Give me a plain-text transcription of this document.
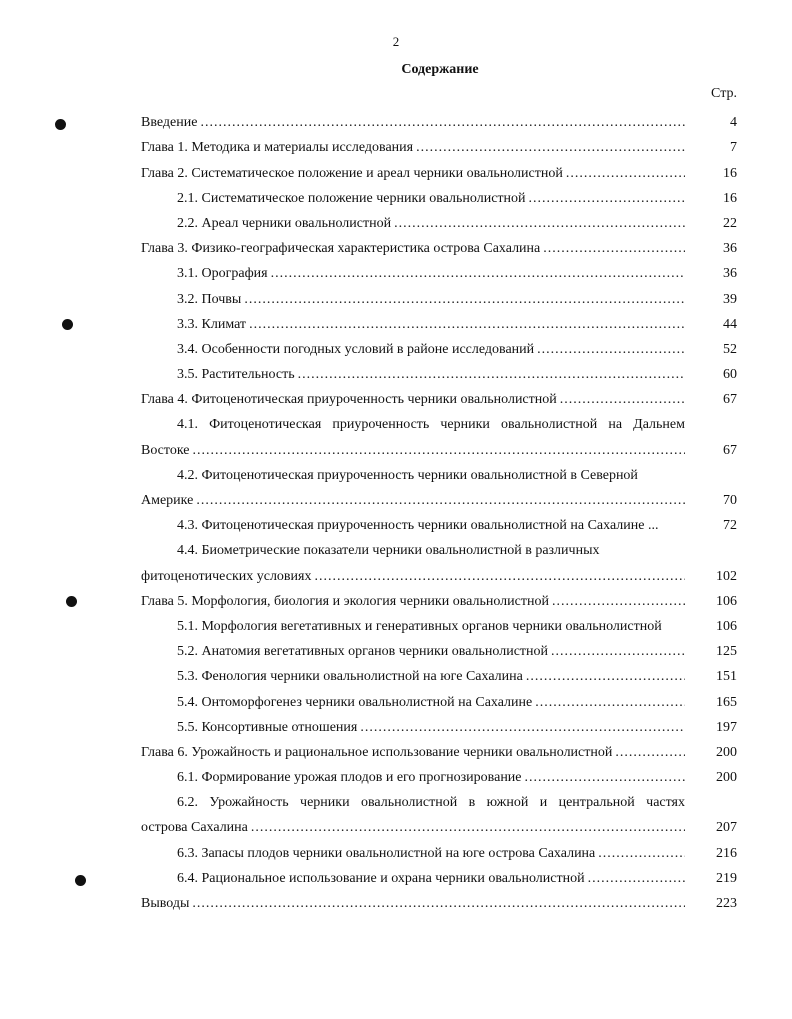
2
Содержание
Стр.
Введение .....	4
Глава 1. Методика и материалы исследования .....	7
Глава 2. Систематическое положение и ареал черники овальнолистной .....	16
2.1. Систематическое положение черники овальнолистной .....	16
2.2. Ареал черники овальнолистной .....	22
Глава 3. Физико-географическая характеристика острова Сахалина .....	36
3.1. Орография .....	36
3.2. Почвы .....	39
3.3. Климат .....	44
3.4. Особенности погодных условий в районе исследований .....	52
3.5. Растительность .....	60
Глава 4. Фитоценотическая приуроченность черники овальнолистной .....	67
4.1. Фитоценотическая приуроченность черники овальнолистной на Дальнем
Востоке .....	67
4.2. Фитоценотическая приуроченность черники овальнолистной в Северной
Америке .....	70
4.3. Фитоценотическая приуроченность черники овальнолистной на Сахалине ...	72
4.4. Биометрические показатели черники овальнолистной в различных
фитоценотических условиях .....	102
Глава 5. Морфология, биология и экология черники овальнолистной .....	106
5.1. Морфология вегетативных и генеративных органов черники овальнолистной	106
5.2. Анатомия вегетативных органов черники овальнолистной .....	125
5.3. Фенология черники овальнолистной на юге Сахалина .....	151
5.4. Онтоморфогенез черники овальнолистной на Сахалине .....	165
5.5. Консортивные отношения .....	197
Глава 6. Урожайность и рациональное использование черники овальнолистной .....	200
6.1. Формирование урожая плодов и его прогнозирование .....	200
6.2. Урожайность черники овальнолистной в южной и центральной частях
острова Сахалина .....	207
6.3. Запасы плодов черники овальнолистной на юге острова Сахалина .....	216
6.4. Рациональное использование и охрана черники овальнолистной .....	219
Выводы .....	223
